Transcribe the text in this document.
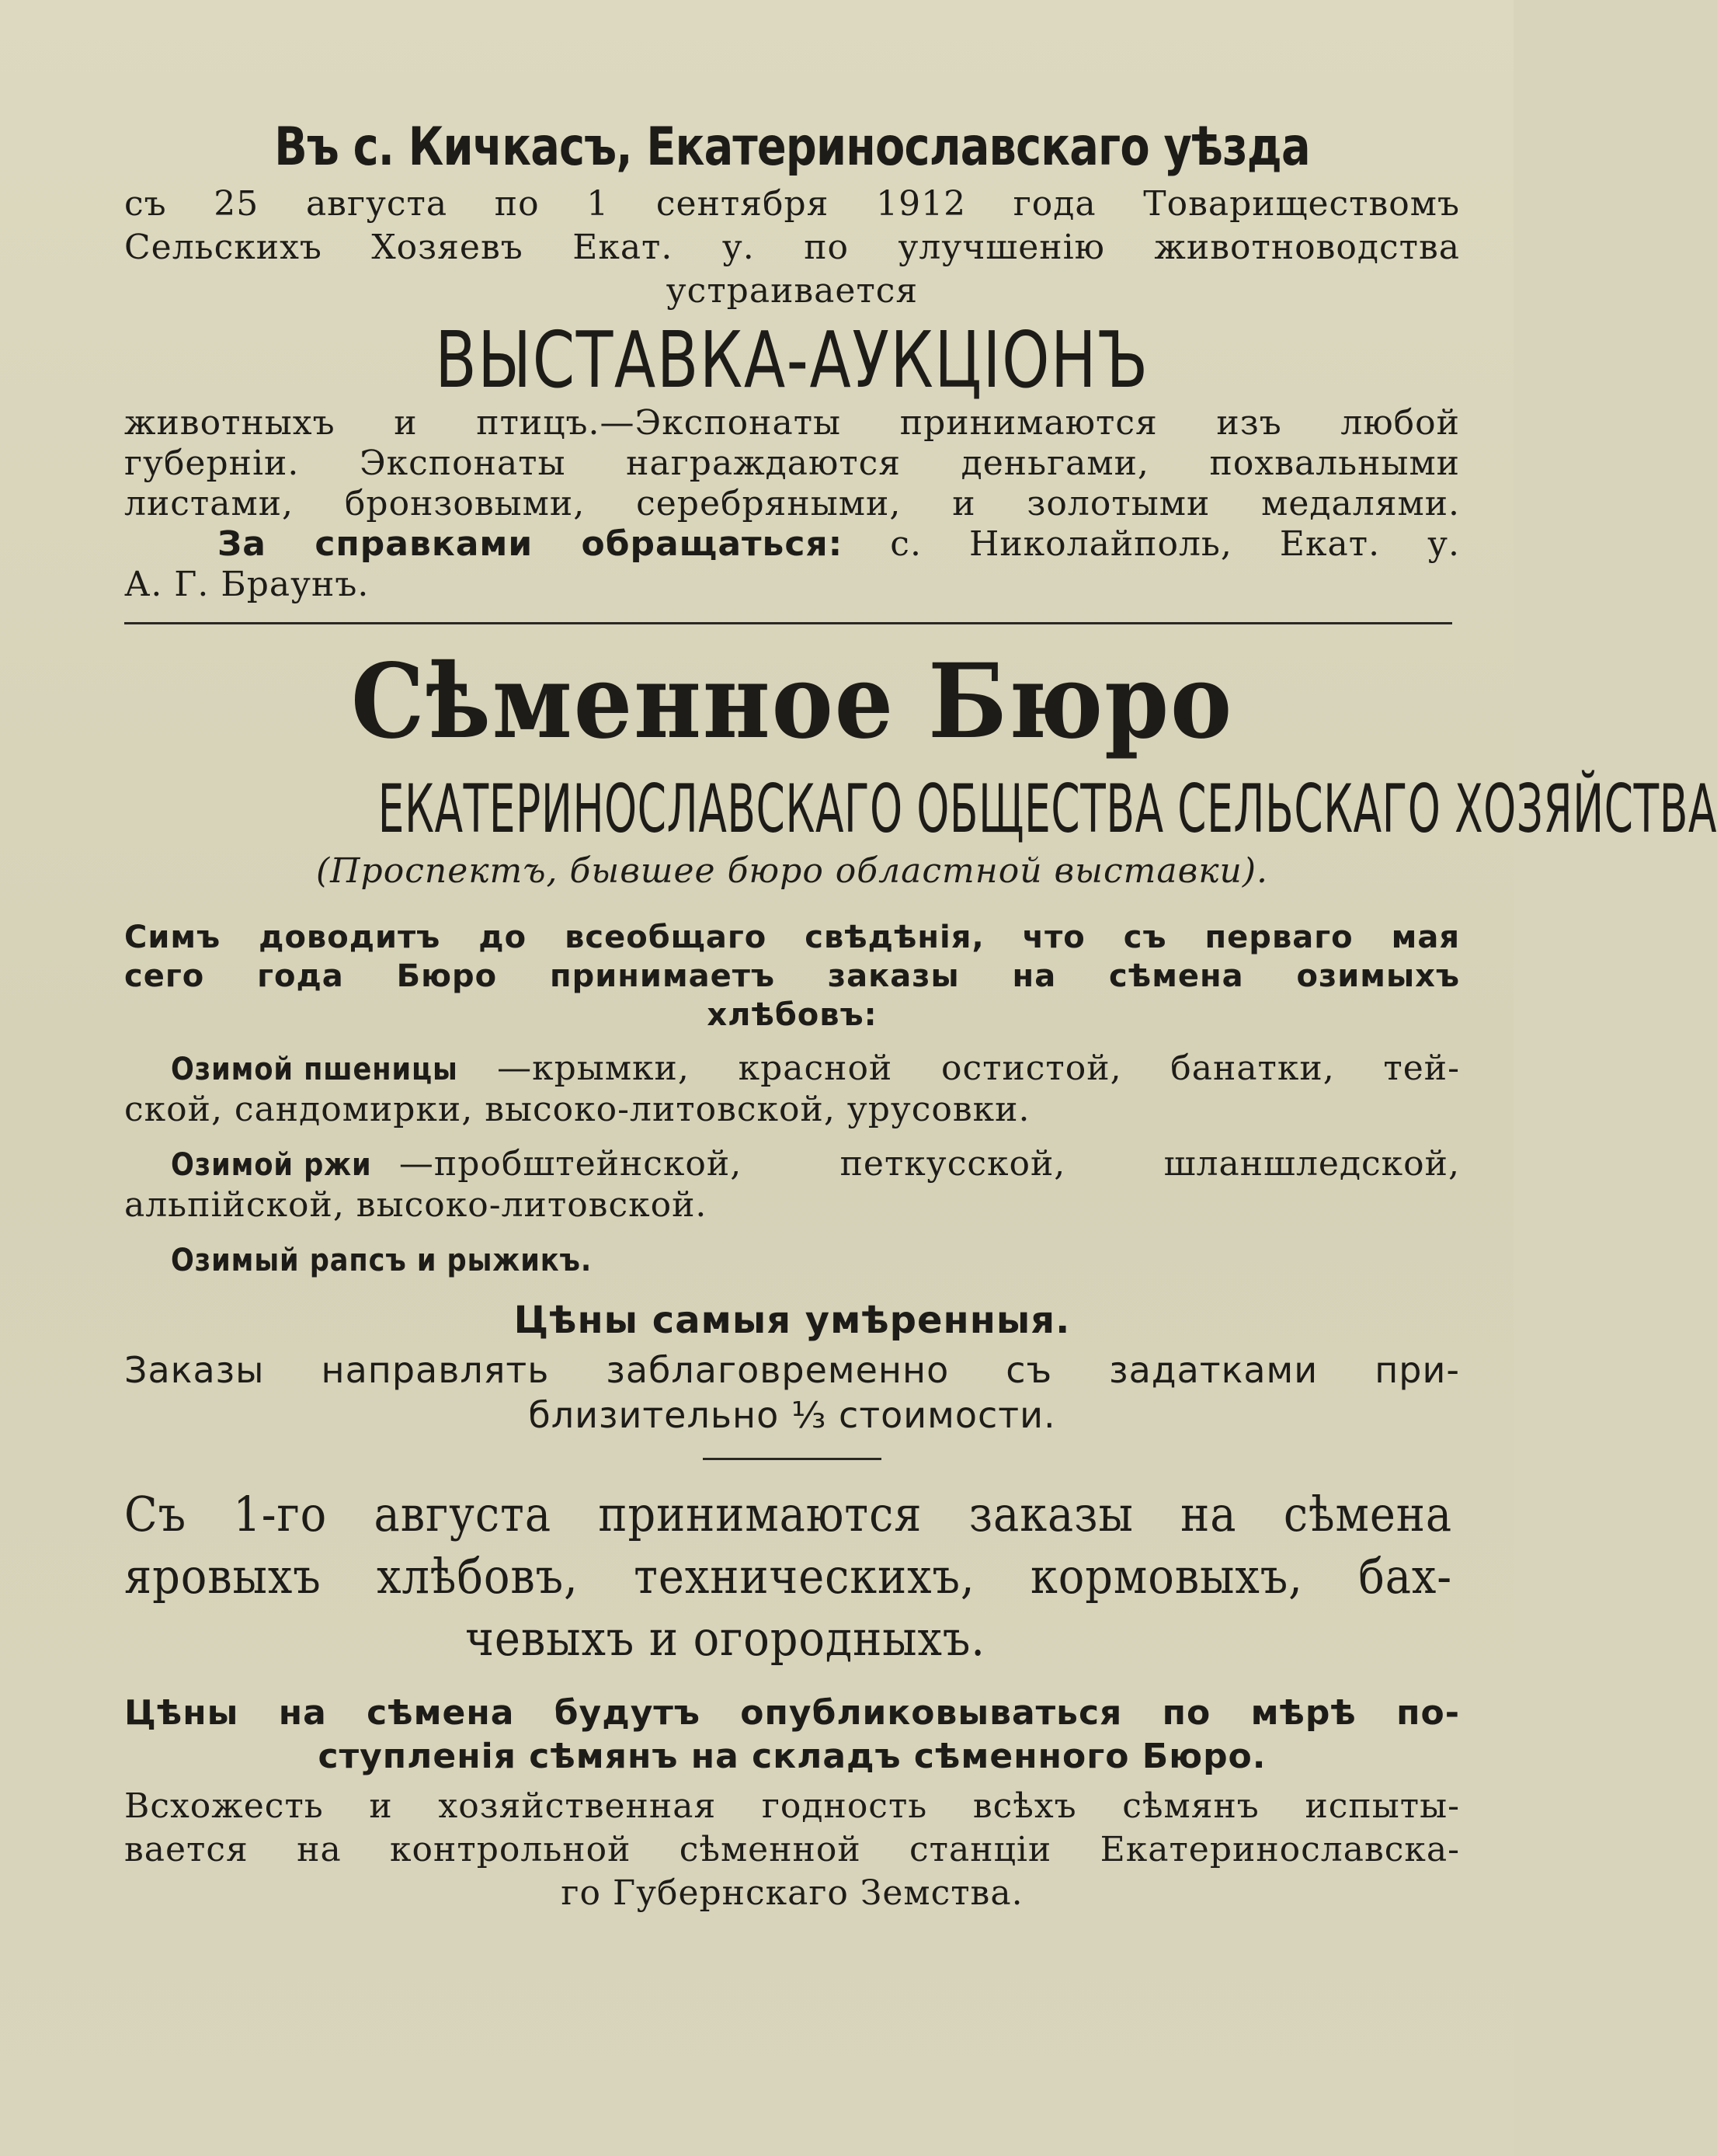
Въ с. Кичкасъ, Екатеринославскаго уѣзда
съ 25 августа по 1 сентября 1912 года Товариществомъ
Сельскихъ Хозяевъ Екат. у. по улучшенію животноводства
устраивается
ВЫСТАВКА-АУКЦІОНЪ
животныхъ и птицъ.—Экспонаты принимаются изъ любой
губерніи. Экспонаты награждаются деньгами, похвальными
листами, бронзовыми, серебряными, и золотыми медалями.
За справками обращаться: с. Николайполь, Екат. у.
А. Г. Браунъ.
Сѣменное Бюро
ЕКАТЕРИНОСЛАВСКАГО ОБЩЕСТВА СЕЛЬСКАГО ХОЗЯЙСТВА
(Проспектъ, бывшее бюро областной выставки).
Симъ доводитъ до всеобщаго свѣдѣнія, что съ перваго мая
сего года Бюро принимаетъ заказы на сѣмена озимыхъ
хлѣбовъ:
Озимой пшеницы —крымки, красной остистой, банатки, тей-
ской, сандомирки, высоко-литовской, урусовки.
Озимой ржи —пробштейнской, петкусской, шланшледской,
альпійской, высоко-литовской.
Озимый рапсъ и рыжикъ.
Цѣны самыя умѣренныя.
Заказы направлять заблаговременно съ задатками при-
близительно ⅓ стоимости.
Съ 1-го августа принимаются заказы на сѣмена
яровыхъ хлѣбовъ, техническихъ, кормовыхъ, бах-
чевыхъ и огородныхъ.
Цѣны на сѣмена будутъ опубликовываться по мѣрѣ по-
ступленія сѣмянъ на складъ сѣменного Бюро.
Всхожесть и хозяйственная годность всѣхъ сѣмянъ испыты-
вается на контрольной сѣменной станціи Екатеринославска-
го Губернскаго Земства.
